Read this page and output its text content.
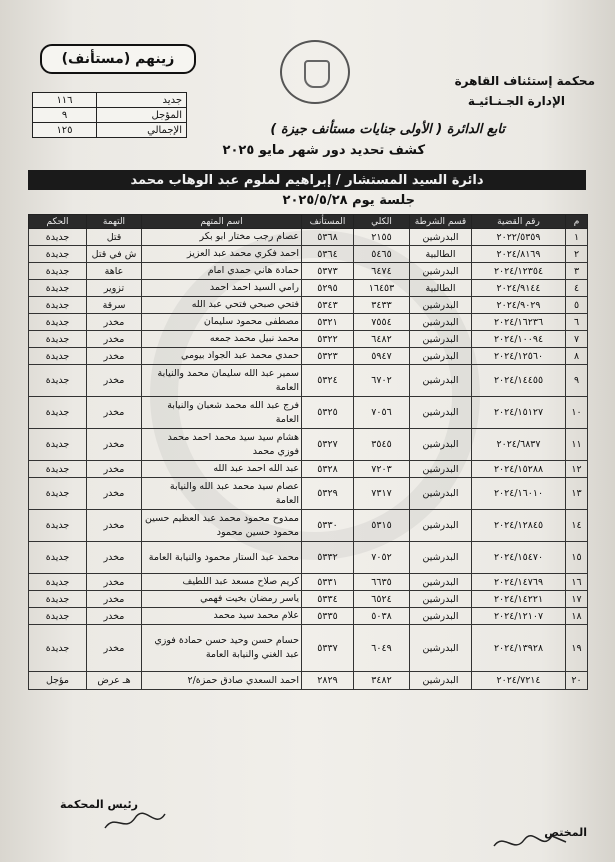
زينهم (مستأنف)
محكمة إستئناف القاهرة
الإدارة الجـنـائيـة
جديد	١١٦
المؤجل	٩
الإجمالي	١٢٥	تابع الدائرة ( الأولى جنايات مستأنف جيزة )
كشف تحديد دور شهر مايو ٢٠٢٥
دائرة السيد المستشار / إبراهيم لملوم عبد الوهاب محمد
جلسة يوم ٢٠٢٥/٥/٢٨
م	رقم القضية	قسم الشرطة	الكلي	المستأنف	اسم المتهم	التهمة	الحكم
١	٢٠٢٢/٥٣٥٩	البدرشين	٢١٥٥	٥٣٦٨	عصام رجب مختار ابو بكر	قتل	جديدة
٢	٢٠٢٤/٨١٦٩	الطالبية	٥٤٦٥	٥٣٦٤	احمد فكري محمد عبد العزيز	ش في قتل	جديدة
٣	٢٠٢٤/١٢٣٥٤	البدرشين	٦٤٧٤	٥٣٧٣	حمادة هاني حمدي امام	عاهة	جديدة
٤	٢٠٢٤/٩١٤٤	الطالبية	١٦٤٥٣	٥٢٩٥	رامي السيد احمد احمد	تزوير	جديدة
٥	٢٠٢٤/٩٠٢٩	البدرشين	٣٤٣٣	٥٣٤٣	فتحي صبحي فتحي عبد الله	سرقة	جديدة
٦	٢٠٢٤/١٦٢٣٦	البدرشين	٧٥٥٤	٥٣٢١	مصطفى محمود سليمان	مخدر	جديدة
٧	٢٠٢٤/١٠٠٩٤	البدرشين	٦٤٨٢	٥٣٢٢	محمد نبيل محمد جمعه	مخدر	جديدة
٨	٢٠٢٤/١٢٥٦٠	البدرشين	٥٩٤٧	٥٣٢٣	حمدي محمد عبد الجواد بيومي	مخدر	جديدة
٩	٢٠٢٤/١٤٤٥٥	البدرشين	٦٧٠٢	٥٣٢٤	سمير عبد الله سليمان محمد والنيابة العامة	مخدر	جديدة
١٠	٢٠٢٤/١٥١٢٧	البدرشين	٧٠٥٦	٥٣٢٥	فرج عبد الله محمد شعبان والنيابة العامة	مخدر	جديدة
١١	٢٠٢٤/٦٨٣٧	البدرشين	٣٥٤٥	٥٣٢٧	هشام سيد سيد محمد احمد محمد فوزي محمد	مخدر	جديدة
١٢	٢٠٢٤/١٥٢٨٨	البدرشين	٧٢٠٣	٥٣٢٨	عبد الله احمد عبد الله	مخدر	جديدة
١٣	٢٠٢٤/١٦٠١٠	البدرشين	٧٣١٧	٥٣٢٩	عصام سيد محمد عبد الله والنيابة العامة	مخدر	جديدة
١٤	٢٠٢٤/١٢٨٤٥	البدرشين	٥٣١٥	٥٣٣٠	ممدوح محمود محمد عبد العظيم حسين محمود حسين محمود	مخدر	جديدة
١٥	٢٠٢٤/١٥٤٧٠	البدرشين	٧٠٥٢	٥٣٣٢	محمد عبد الستار محمود والنيابة العامة	مخدر	جديدة
١٦	٢٠٢٤/١٤٧٦٩	البدرشين	٦٦٣٥	٥٣٣١	كريم صلاح مسعد عبد اللطيف	مخدر	جديدة
١٧	٢٠٢٤/١٤٢٢١	البدرشين	٦٥٢٤	٥٣٣٤	ياسر رمضان بخيت فهمي	مخدر	جديدة
١٨	٢٠٢٤/١٢١٠٧	البدرشين	٥٠٣٨	٥٣٣٥	علام محمد سيد محمد	مخدر	جديدة
١٩	٢٠٢٤/١٣٩٢٨	البدرشين	٦٠٤٩	٥٣٣٧	حسام حسن وحيد حسن حمادة فوزي عبد الغني والنيابة العامة	مخدر	جديدة
٢٠	٢٠٢٤/٧٢١٤	البدرشين	٣٤٨٢	٢٨٢٩	احمد السعدي صادق حمزة/٢	هـ عرض	مؤجل
رئيس المحكمة
المختص
